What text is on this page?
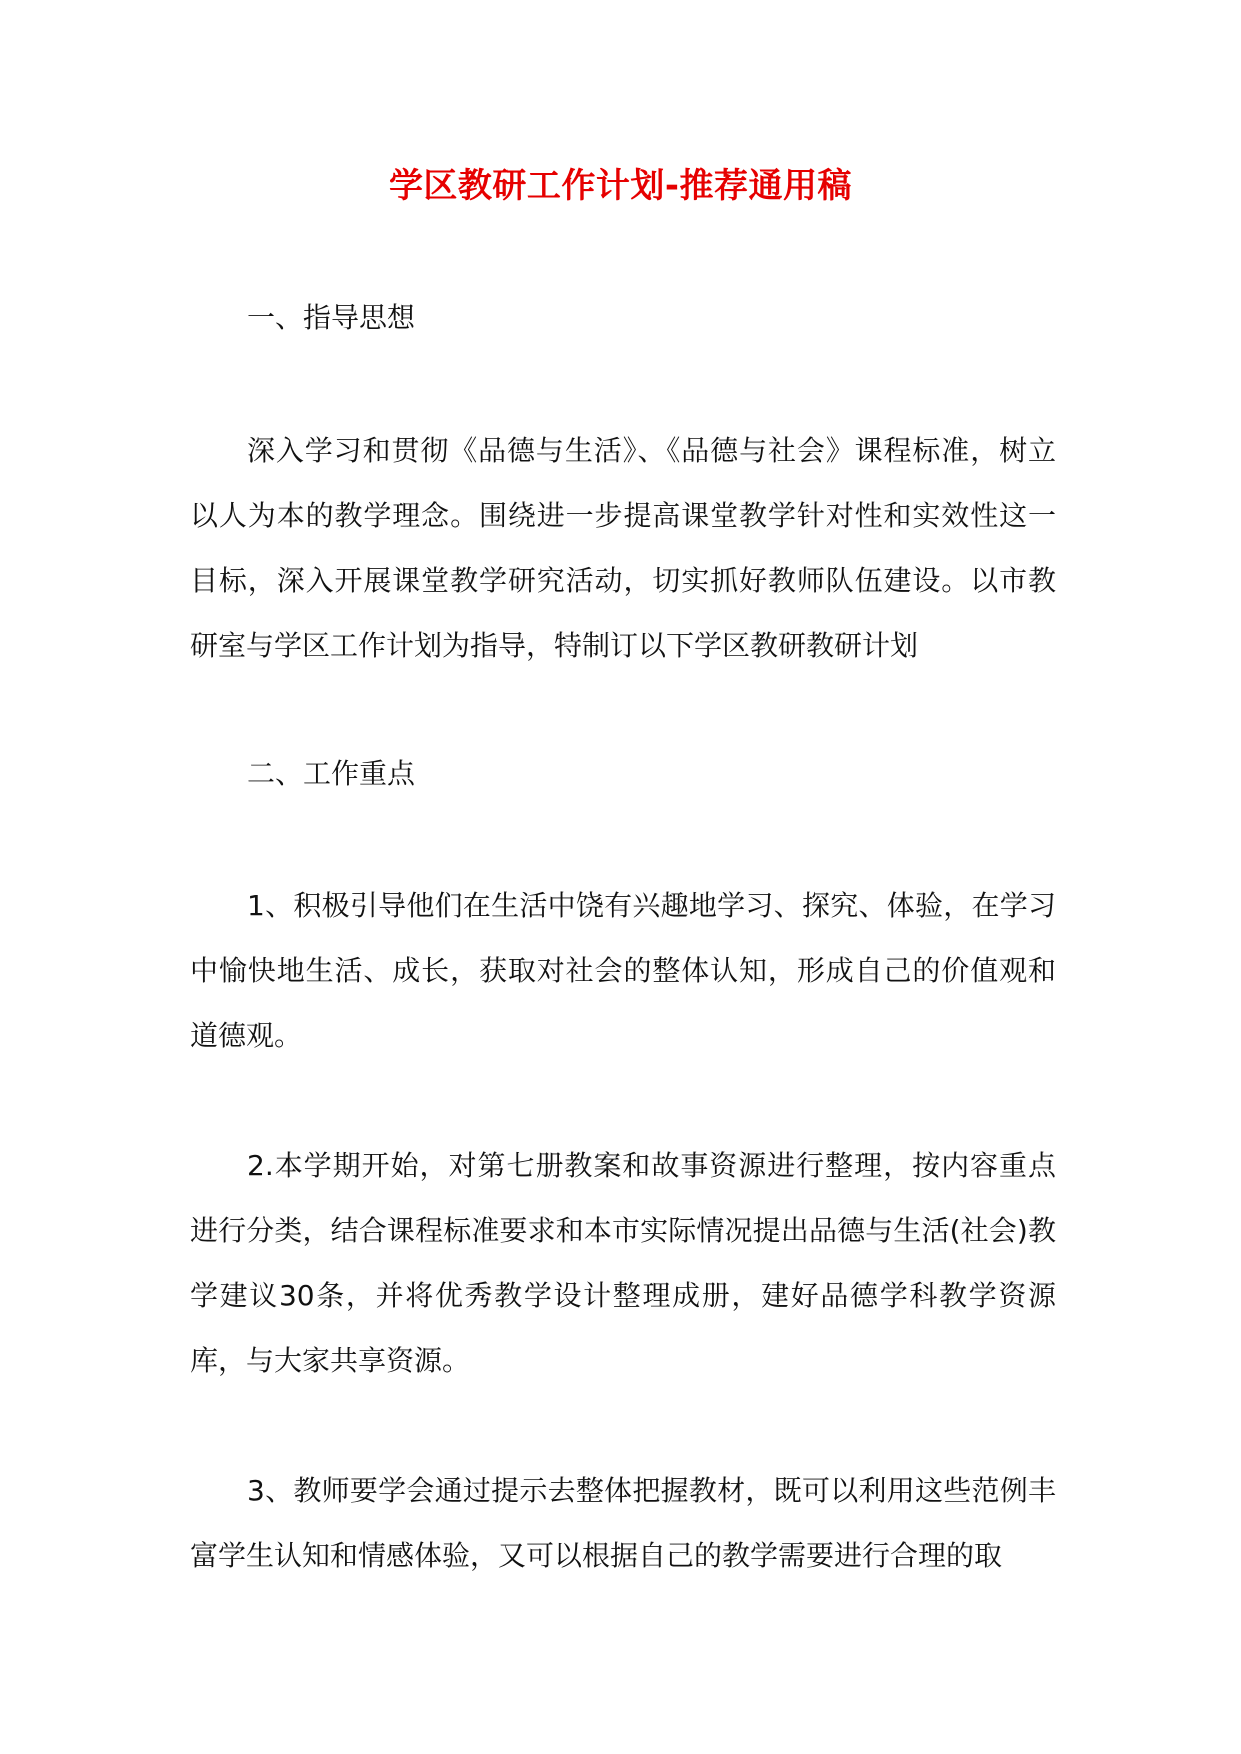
学区教研工作计划-推荐通用稿
一、指导思想
深入学习和贯彻《品德与生活》、《品德与社会》课程标准，树立以人为本的教学理念。围绕进一步提高课堂教学针对性和实效性这一目标，深入开展课堂教学研究活动，切实抓好教师队伍建设。以市教研室与学区工作计划为指导，特制订以下学区教研教研计划
二、工作重点
1、积极引导他们在生活中饶有兴趣地学习、探究、体验，在学习中愉快地生活、成长，获取对社会的整体认知，形成自己的价值观和道德观。
2.本学期开始，对第七册教案和故事资源进行整理，按内容重点进行分类，结合课程标准要求和本市实际情况提出品德与生活(社会)教学建议30条，并将优秀教学设计整理成册，建好品德学科教学资源库，与大家共享资源。
3、教师要学会通过提示去整体把握教材，既可以利用这些范例丰富学生认知和情感体验，又可以根据自己的教学需要进行合理的取
